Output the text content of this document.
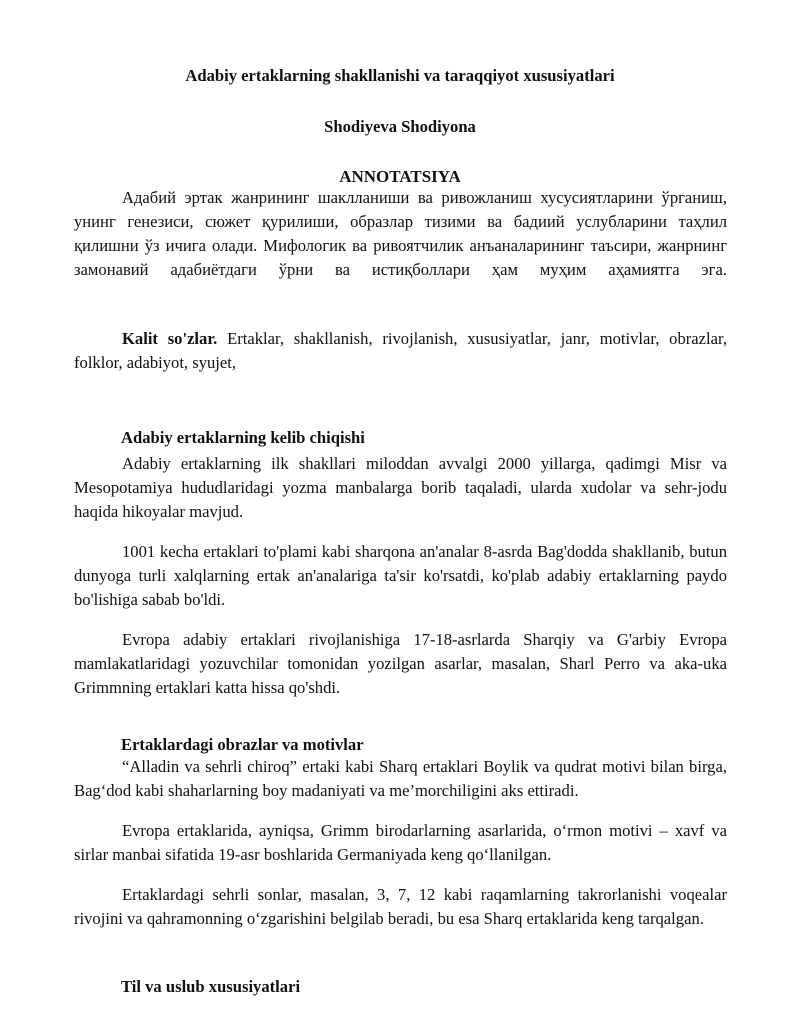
Adabiy ertaklarning shakllanishi va taraqqiyot xususiyatlari
Shodiyeva Shodiyona
ANNOTATSIYA

Адабий эртак жанрининг шаклланиши ва ривожланиш хусусиятларини ўрганиш, унинг генезиси, сюжет қурилиши, образлар тизими ва бадиий услубларини таҳлил қилишни ўз ичига олади. Мифологик ва ривоятчилик анъаналарининг таъсири, жанрнинг замонавий адабиётдаги ўрни ва истиқболлари ҳам муҳим аҳамиятга эга.

Kalit so'zlar. Ertaklar, shakllanish, rivojlanish, xususiyatlar, janr, motivlar, obrazlar, folklor, adabiyot, syujet,

Adabiy ertaklarning kelib chiqishi

Adabiy ertaklarning ilk shakllari miloddan avvalgi 2000 yillarga, qadimgi Misr va Mesopotamiya hududlaridagi yozma manbalarga borib taqaladi, ularda xudolar va sehr-jodu haqida hikoyalar mavjud.

1001 kecha ertaklari to'plami kabi sharqona an'analar 8-asrda Bag'dodda shakllanib, butun dunyoga turli xalqlarning ertak an'analariga ta'sir ko'rsatdi, ko'plab adabiy ertaklarning paydo bo'lishiga sabab bo'ldi.

Evropa adabiy ertaklari rivojlanishiga 17-18-asrlarda Sharqiy va G'arbiy Evropa mamlakatlaridagi yozuvchilar tomonidan yozilgan asarlar, masalan, Sharl Perro va aka-uka Grimmning ertaklari katta hissa qo'shdi.

Ertaklardagi obrazlar va motivlar

“Alladin va sehrli chiroq” ertaki kabi Sharq ertaklari Boylik va qudrat motivi bilan birga, Bag‘dod kabi shaharlarning boy madaniyati va me’morchiligini aks ettiradi.

Evropa ertaklarida, ayniqsa, Grimm birodarlarning asarlarida, o‘rmon motivi – xavf va sirlar manbai sifatida 19-asr boshlarida Germaniyada keng qo‘llanilgan.

Ertaklardagi sehrli sonlar, masalan, 3, 7, 12 kabi raqamlarning takrorlanishi voqealar rivojini va qahramonning o‘zgarishini belgilab beradi, bu esa Sharq ertaklarida keng tarqalgan.

Til va uslub xususiyatlari
